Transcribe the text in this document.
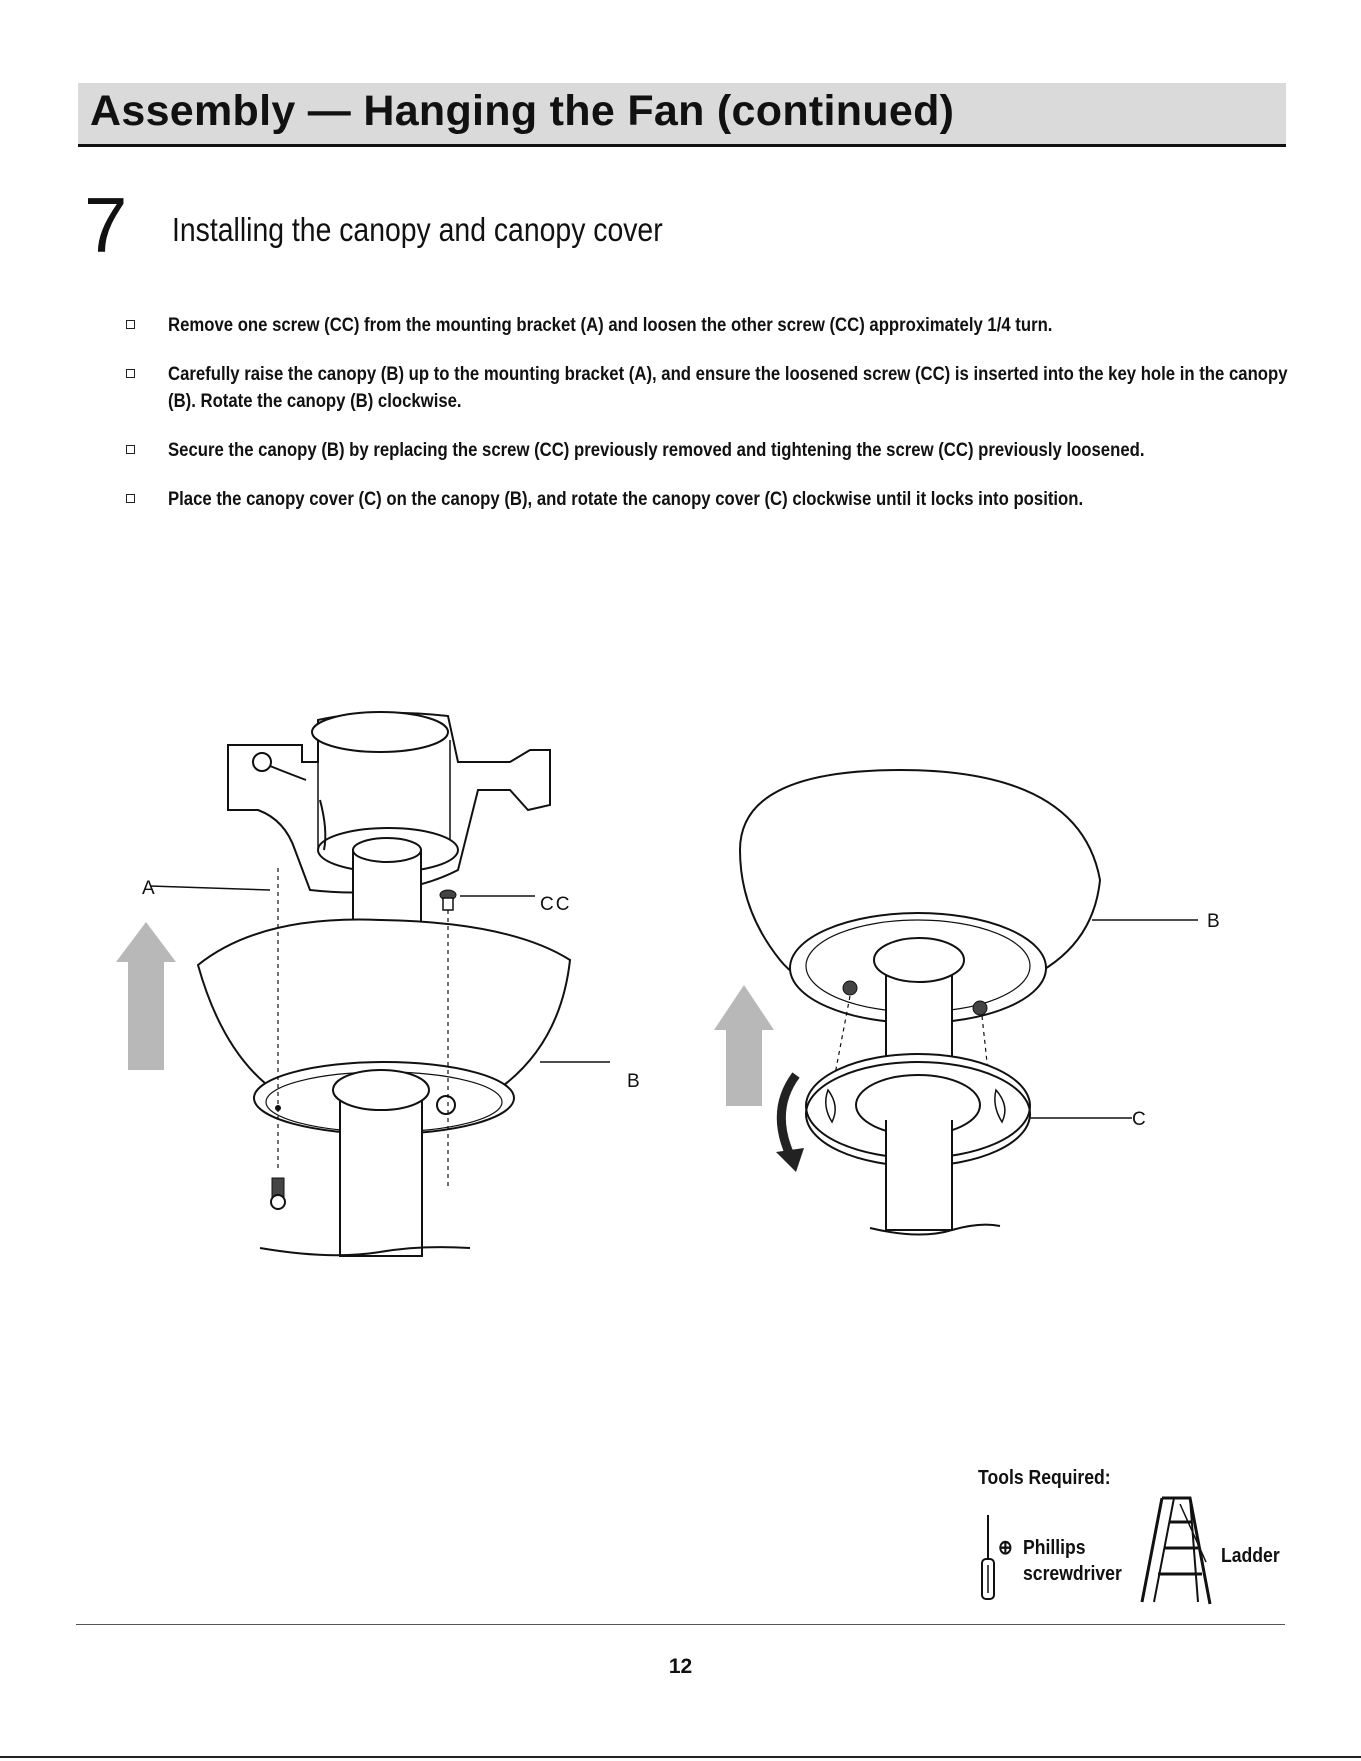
Assembly — Hanging the Fan (continued)
7 Installing the canopy and canopy cover
Remove one screw (CC) from the mounting bracket (A) and loosen the other screw (CC) approximately 1/4 turn.
Carefully raise the canopy (B) up to the mounting bracket (A), and ensure the loosened screw (CC) is inserted into the key hole in the canopy (B). Rotate the canopy (B) clockwise.
Secure the canopy (B) by replacing the screw (CC) previously removed and tightening the screw (CC) previously loosened.
Place the canopy cover (C) on the canopy (B), and rotate the canopy cover (C) clockwise until it locks into position.
A
CC
B
B
C
Tools Required:
⊕ Phillips
screwdriver
Ladder
12
